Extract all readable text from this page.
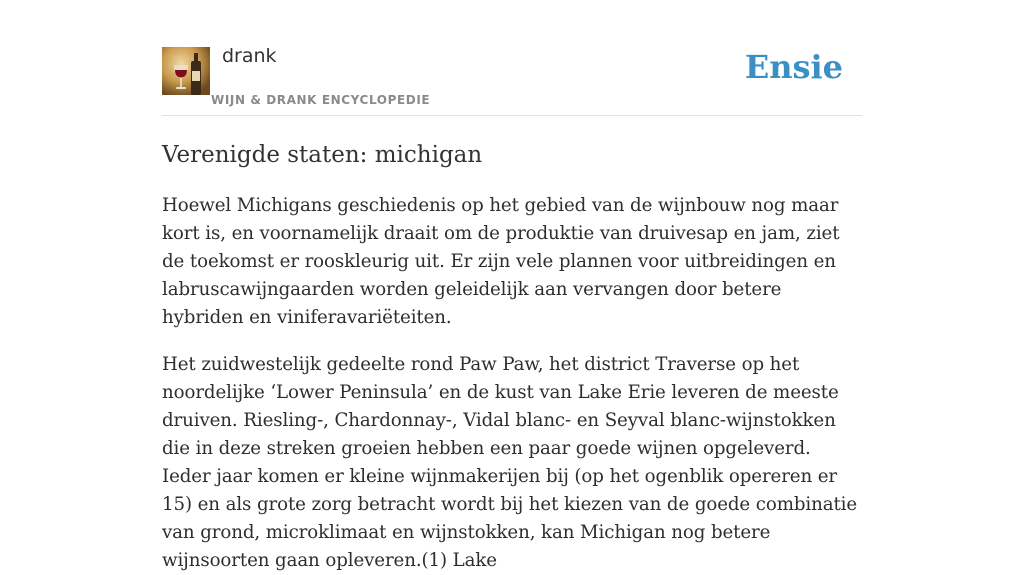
drank
WIJN & DRANK ENCYCLOPEDIE
Ensie
Verenigde staten: michigan

Hoewel Michigans geschiedenis op het gebied van de wijnbouw nog maar kort is, en voornamelijk draait om de produktie van druivesap en jam, ziet de toekomst er rooskleurig uit. Er zijn vele plannen voor uitbreidingen en labruscawijngaarden worden geleidelijk aan vervangen door betere hybriden en viniferavariëteiten.

Het zuidwestelijk gedeelte rond Paw Paw, het district Traverse op het noordelijke ‘Lower Peninsula’ en de kust van Lake Erie leveren de meeste druiven. Riesling-, Chardonnay-, Vidal blanc- en Seyval blanc-wijnstokken die in deze streken groeien hebben een paar goede wijnen opgeleverd. Ieder jaar komen er kleine wijnmakerijen bij (op het ogenblik opereren er 15) en als grote zorg betracht wordt bij het kiezen van de goede combinatie van grond, microklimaat en wijnstokken, kan Michigan nog betere wijnsoorten gaan opleveren.(1) Lake
